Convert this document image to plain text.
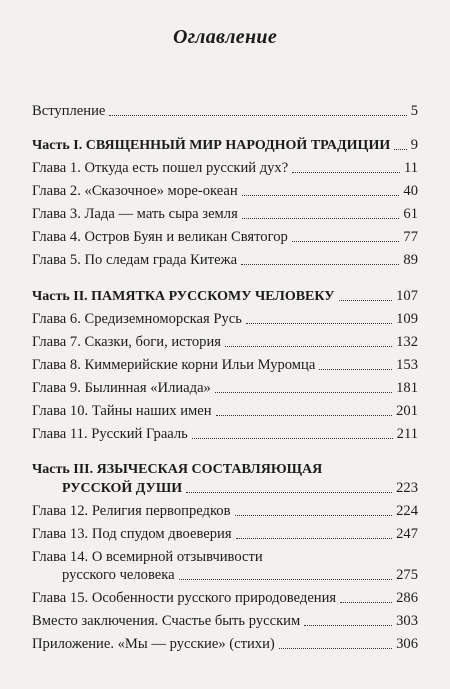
Оглавление
Вступление	5
Часть I. СВЯЩЕННЫЙ МИР НАРОДНОЙ ТРАДИЦИИ 9
Глава 1. Откуда есть пошел русский дух?	11
Глава 2. «Сказочное» море-океан	40
Глава 3. Лада — мать сыра земля	61
Глава 4. Остров Буян и великан Святогор	77
Глава 5. По следам града Китежа	89
Часть II. ПАМЯТКА РУССКОМУ ЧЕЛОВЕКУ	107
Глава 6. Средиземноморская Русь	109
Глава 7. Сказки, боги, история	132
Глава 8. Киммерийские корни Ильи Муромца	153
Глава 9. Былинная «Илиада»	181
Глава 10. Тайны наших имен	201
Глава 11. Русский Грааль	211
Часть III. ЯЗЫЧЕСКАЯ СОСТАВЛЯЮЩАЯ
РУССКОЙ ДУШИ	223
Глава 12. Религия первопредков	224
Глава 13. Под спудом двоеверия	247
Глава 14. О всемирной отзывчивости
русского человека	275
Глава 15. Особенности русского природоведения	286
Вместо заключения. Счастье быть русским	303
Приложение. «Мы — русские» (стихи)	306
